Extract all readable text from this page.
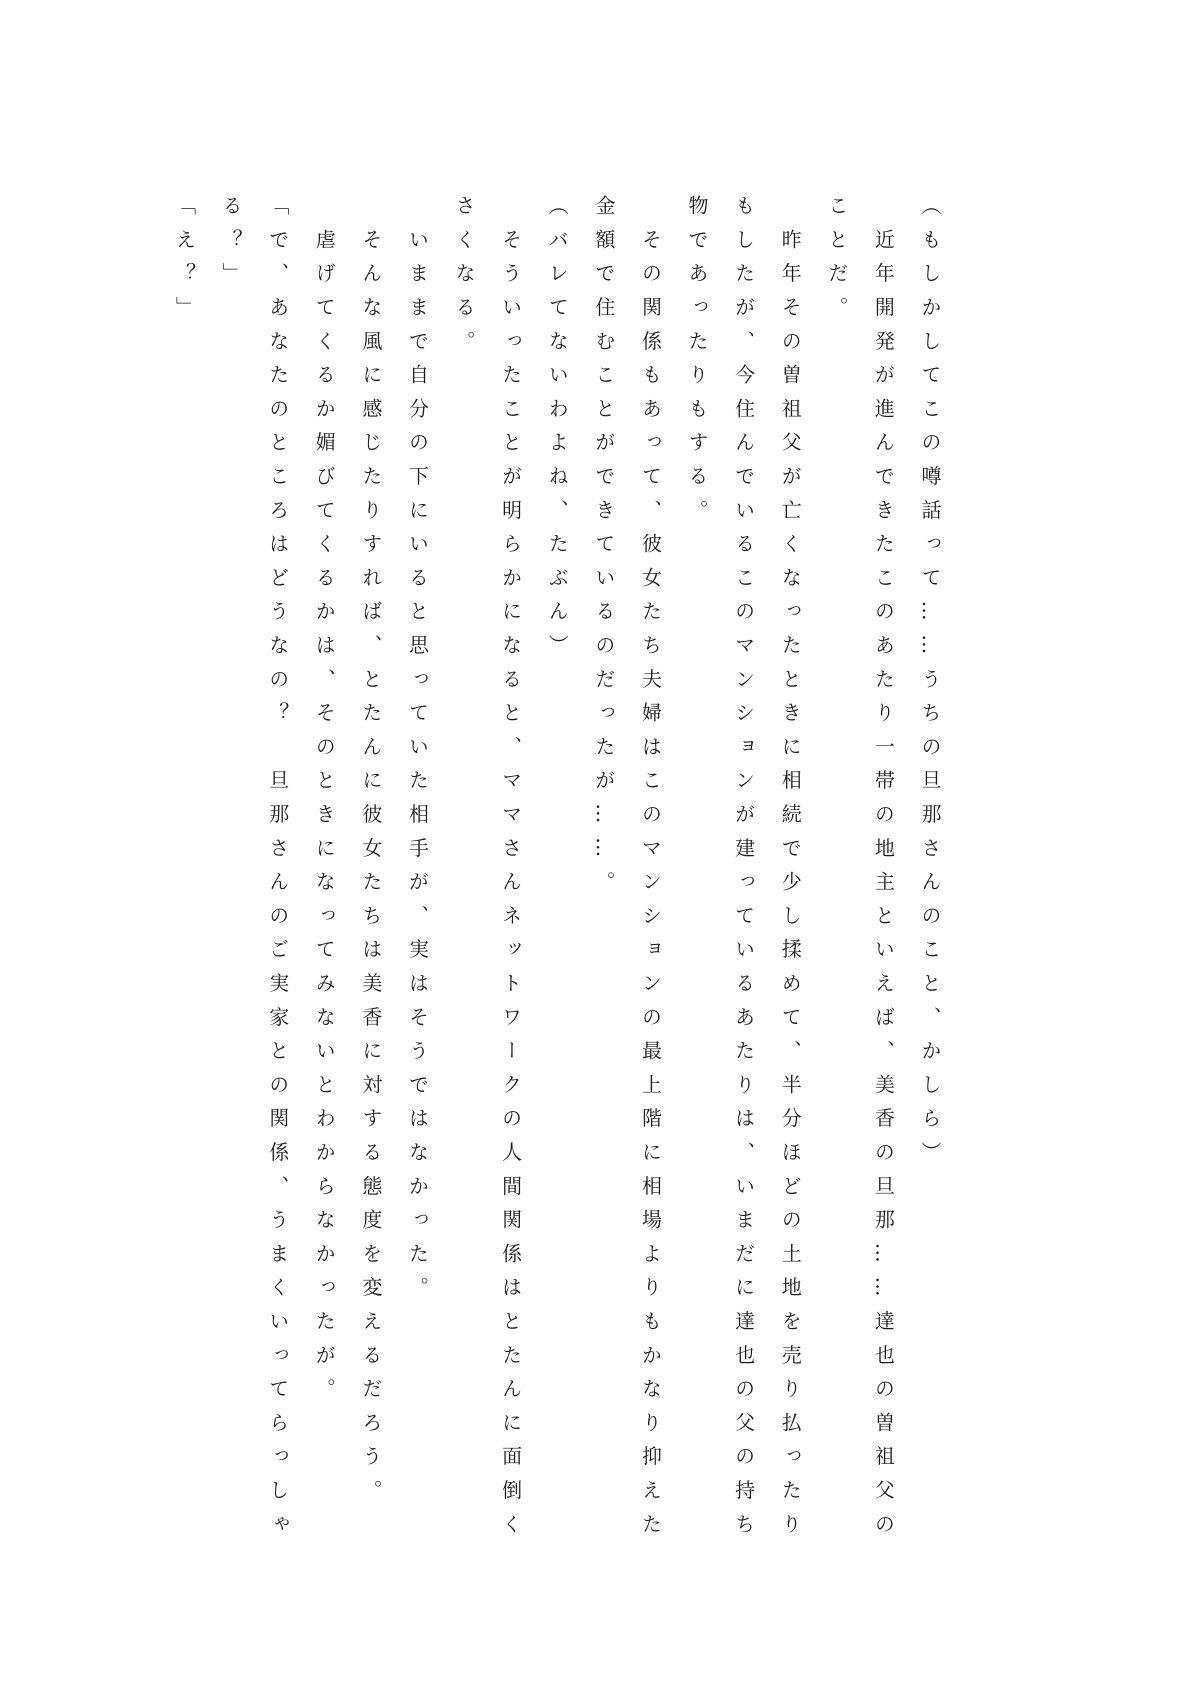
（もしかしてこの噂話って……うちの旦那さんのこと、かしら）
　近年開発が進んできたこのあたり一帯の地主といえば、美香の旦那……達也の曽祖父の
ことだ。
　昨年その曽祖父が亡くなったときに相続で少し揉めて、半分ほどの土地を売り払ったり
もしたが、今住んでいるこのマンションが建っているあたりは、いまだに達也の父の持ち
物であったりもする。
　その関係もあって、彼女たち夫婦はこのマンションの最上階に相場よりもかなり抑えた
金額で住むことができているのだったが……。
（バレてないわよね、たぶん）
　そういったことが明らかになると、ママさんネットワークの人間関係はとたんに面倒く
さくなる。
　いままで自分の下にいると思っていた相手が、実はそうではなかった。
　そんな風に感じたりすれば、とたんに彼女たちは美香に対する態度を変えるだろう。
　虐げてくるか媚びてくるかは、そのときになってみないとわからなかったが。
「で、あなたのところはどうなの？　旦那さんのご実家との関係、うまくいってらっしゃ
る？」
「え？」
